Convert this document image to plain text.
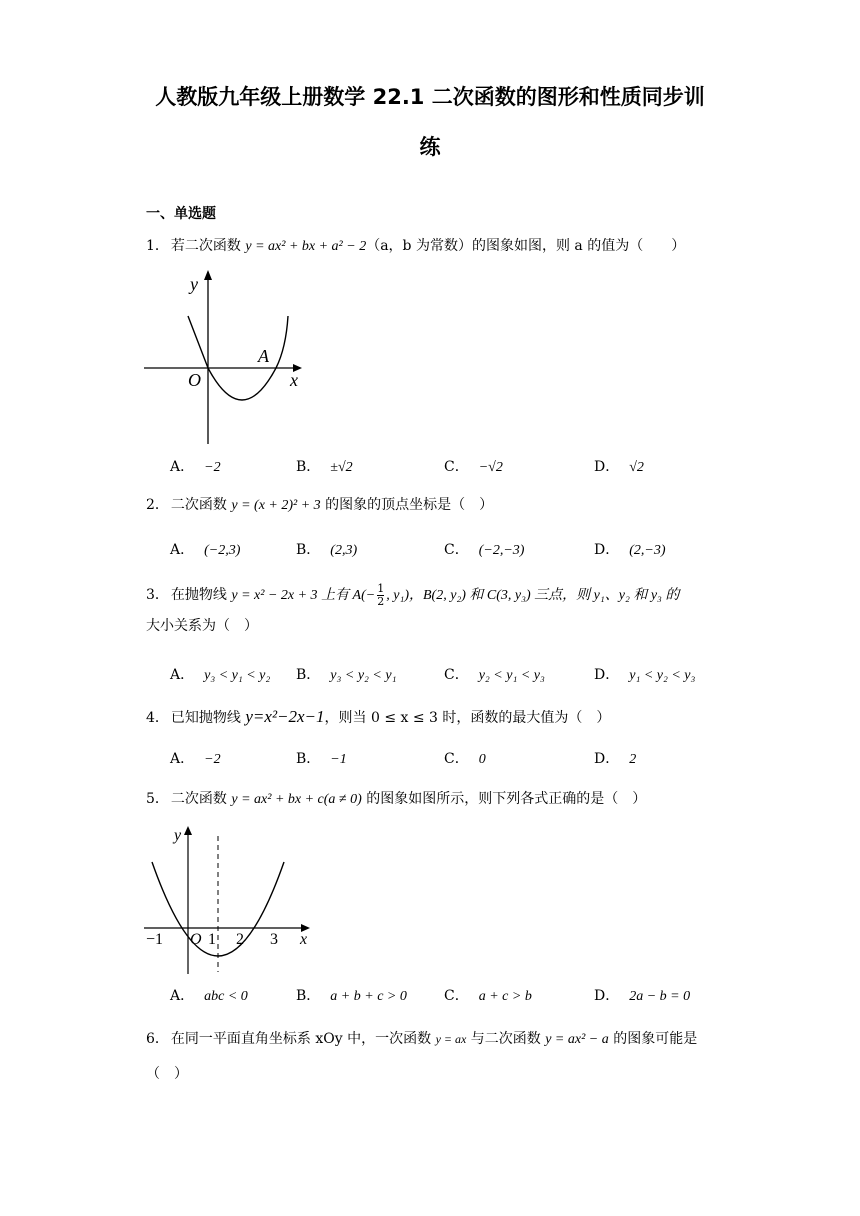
人教版九年级上册数学 22.1 二次函数的图形和性质同步训
练
一、单选题
1． 若二次函数 y = ax² + bx + a² − 2（a，b 为常数）的图象如图，则 a 的值为（　　）
y
x
O
A
A． −2	B． ±√2	C． −√2	D． √2
2． 二次函数 y = (x + 2)² + 3 的图象的顶点坐标是（　）
A． (−2,3)	B． (2,3)	C． (−2,−3)	D． (2,−3)
3． 在抛物线 y = x² − 2x + 3 上有 $A(- \frac{1}{2}$ , y₁)，B(2, y₂) 和 C(3, y₃) 三点，则 y₁、y₂ 和 y₃ 的
大小关系为（　）
A． y₃ < y₁ < y₂ B． y₃ < y₂ < y₁	C． y₂ < y₁ < y₃	D． y₁ < y₂ < y₃
4． 已知抛物线 y=x²−2x−1，则当 0 ≤ x ≤ 3 时，函数的最大值为（　）
A． −2	B． −1	C． 0	D． 2
5． 二次函数 y = ax² + bx + c(a ≠ 0) 的图象如图所示，则下列各式正确的是（　）
y
x
O
−1	1 2 3
A． abc < 0	B． a + b + c > 0	C． a + c > b	D． 2a − b = 0
6． 在同一平面直角坐标系 xOy 中，一次函数 y = ax 与二次函数 y = ax² − a 的图象可能是
（　）
